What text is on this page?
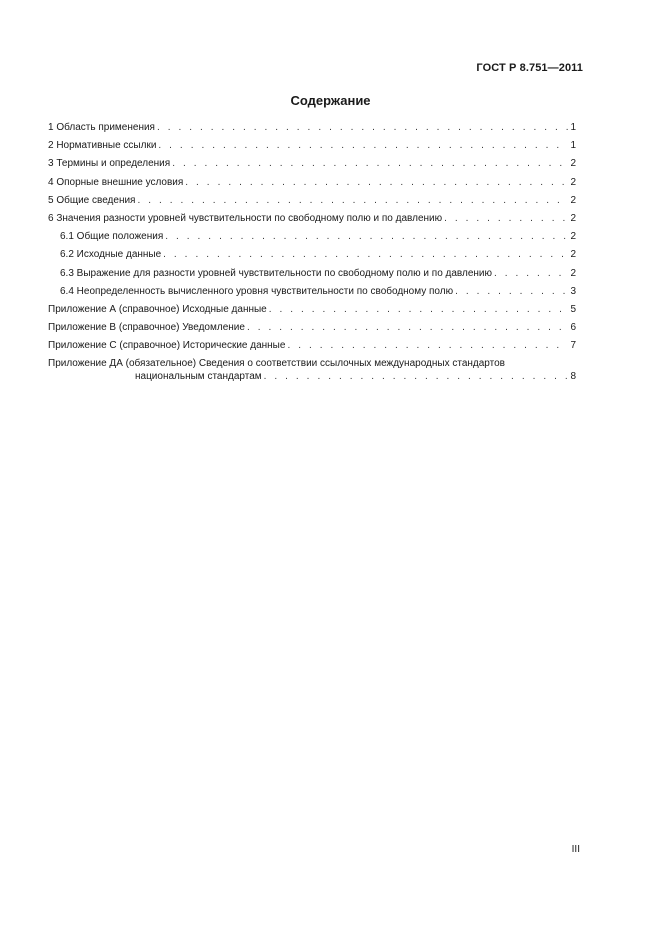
ГОСТ Р 8.751—2011
Содержание
1 Область применения . . .	1
2 Нормативные ссылки . . .	1
3 Термины и определения . . .	2
4 Опорные внешние условия . . .	2
5 Общие сведения . . .	2
6 Значения разности уровней чувствительности по свободному полю и по давлению . . .	2
6.1 Общие положения . . .	2
6.2 Исходные данные . . .	2
6.3 Выражение для разности уровней чувствительности по свободному полю и по давлению . . .	2
6.4 Неопределенность вычисленного уровня чувствительности по свободному полю . . .	3
Приложение А (справочное) Исходные данные . . .	5
Приложение В (справочное) Уведомление . . .	6
Приложение С (справочное) Исторические данные . . .	7
Приложение ДА (обязательное) Сведения о соответствии ссылочных международных стандартов
национальным стандартам . . .	8
III
